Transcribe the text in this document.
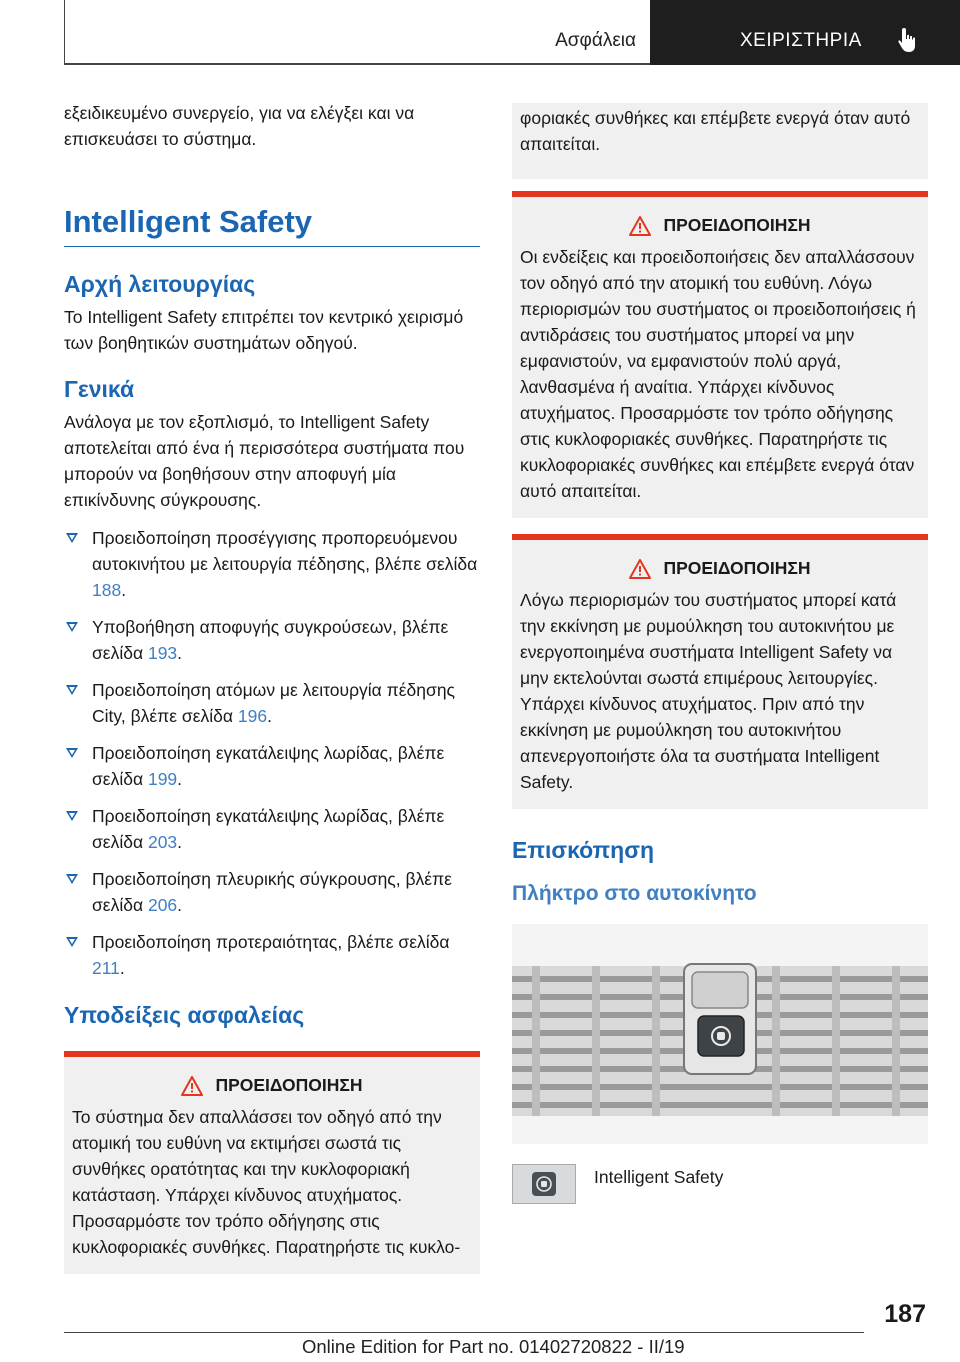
Ασφάλεια	ΧΕΙΡΙΣΤΗΡΙΑ

εξειδικευμένο συνεργείο, για να ελέγξει και να επισκευάσει το σύστημα.

Intelligent Safety
Αρχή λειτουργίας

Το Intelligent Safety επιτρέπει τον κεντρικό χειρισμό των βοηθητικών συστημάτων οδηγού.

Γενικά

Ανάλογα με τον εξοπλισμό, το Intelligent Safety αποτελείται από ένα ή περισσότερα συστήματα που μπορούν να βοηθήσουν στην αποφυγή μία επικίνδυνης σύγκρουσης.

Προειδοποίηση προσέγγισης προπορευόμενου αυτοκινήτου με λειτουργία πέδησης, βλέπε σελίδα 188.
Υποβοήθηση αποφυγής συγκρούσεων, βλέπε σελίδα 193.
Προειδοποίηση ατόμων με λειτουργία πέδησης City, βλέπε σελίδα 196.
Προειδοποίηση εγκατάλειψης λωρίδας, βλέπε σελίδα 199.
Προειδοποίηση εγκατάλειψης λωρίδας, βλέπε σελίδα 203.
Προειδοποίηση πλευρικής σύγκρουσης, βλέπε σελίδα 206.
Προειδοποίηση προτεραιότητας, βλέπε σελίδα 211.
Υποδείξεις ασφαλείας
ΠΡΟΕΙΔΟΠΟΙΗΣΗ

Το σύστημα δεν απαλλάσσει τον οδηγό από την ατομική του ευθύνη να εκτιμήσει σωστά τις συνθήκες ορατότητας και την κυκλοφοριακή κατάσταση. Υπάρχει κίνδυνος ατυχήματος. Προσαρμόστε τον τρόπο οδήγησης στις κυκλοφοριακές συνθήκες. Παρατηρήστε τις κυκλο-

φοριακές συνθήκες και επέμβετε ενεργά όταν αυτό απαιτείται.

ΠΡΟΕΙΔΟΠΟΙΗΣΗ

Οι ενδείξεις και προειδοποιήσεις δεν απαλλάσσουν τον οδηγό από την ατομική του ευθύνη. Λόγω περιορισμών του συστήματος οι προειδοποιήσεις ή αντιδράσεις του συστήματος μπορεί να μην εμφανιστούν, να εμφανιστούν πολύ αργά, λανθασμένα ή αναίτια. Υπάρχει κίνδυνος ατυχήματος. Προσαρμόστε τον τρόπο οδήγησης στις κυκλοφοριακές συνθήκες. Παρατηρήστε τις κυκλοφοριακές συνθήκες και επέμβετε ενεργά όταν αυτό απαιτείται.

ΠΡΟΕΙΔΟΠΟΙΗΣΗ

Λόγω περιορισμών του συστήματος μπορεί κατά την εκκίνηση με ρυμούλκηση του αυτοκινήτου με ενεργοποιημένα συστήματα Intelligent Safety να μην εκτελούνται σωστά επιμέρους λειτουργίες. Υπάρχει κίνδυνος ατυχήματος. Πριν από την εκκίνηση με ρυμούλκηση του αυτοκινήτου απενεργοποιήστε όλα τα συστήματα Intelligent Safety.

Επισκόπηση
Πλήκτρο στο αυτοκίνητο

Intelligent Safety

187
Online Edition for Part no. 01402720822 - II/19
